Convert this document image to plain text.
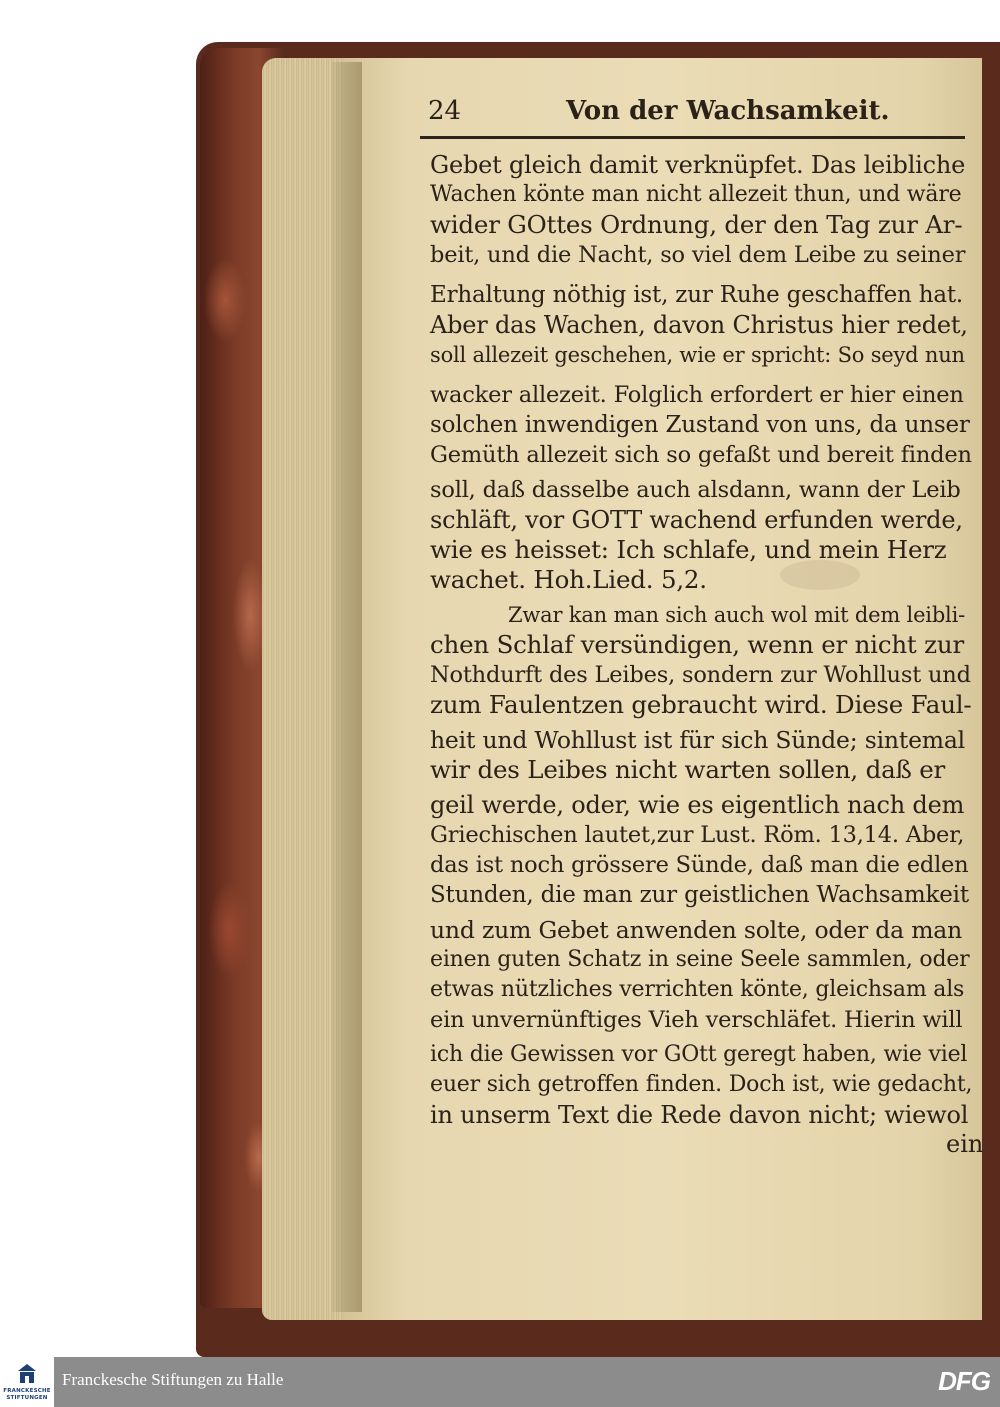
24	Von der Wachsamkeit.
Gebet gleich damit verknüpfet. Das leibliche
Wachen könte man nicht allezeit thun, und wäre
wider GOttes Ordnung, der den Tag zur Ar-
beit, und die Nacht, so viel dem Leibe zu seiner
Erhaltung nöthig ist, zur Ruhe geschaffen hat.
Aber das Wachen, davon Christus hier redet,
soll allezeit geschehen, wie er spricht: So seyd nun
wacker allezeit. Folglich erfordert er hier einen
solchen inwendigen Zustand von uns, da unser
Gemüth allezeit sich so gefaßt und bereit finden
soll, daß dasselbe auch alsdann, wann der Leib
schläft, vor GOTT wachend erfunden werde,
wie es heisset: Ich schlafe, und mein Herz
wachet. Hoh.Lied. 5,2.
Zwar kan man sich auch wol mit dem leibli-
chen Schlaf versündigen, wenn er nicht zur
Nothdurft des Leibes, sondern zur Wohllust und
zum Faulentzen gebraucht wird. Diese Faul-
heit und Wohllust ist für sich Sünde; sintemal
wir des Leibes nicht warten sollen, daß er
geil werde, oder, wie es eigentlich nach dem
Griechischen lautet,zur Lust. Röm. 13,14. Aber,
das ist noch grössere Sünde, daß man die edlen
Stunden, die man zur geistlichen Wachsamkeit
und zum Gebet anwenden solte, oder da man
einen guten Schatz in seine Seele sammlen, oder
etwas nützliches verrichten könte, gleichsam als
ein unvernünftiges Vieh verschläfet. Hierin will
ich die Gewissen vor GOtt geregt haben, wie viel
euer sich getroffen finden. Doch ist, wie gedacht,
in unserm Text die Rede davon nicht; wiewol
ein
FRANCKESCHE
STIFTUNGEN
Franckesche Stiftungen zu Halle	DFG
